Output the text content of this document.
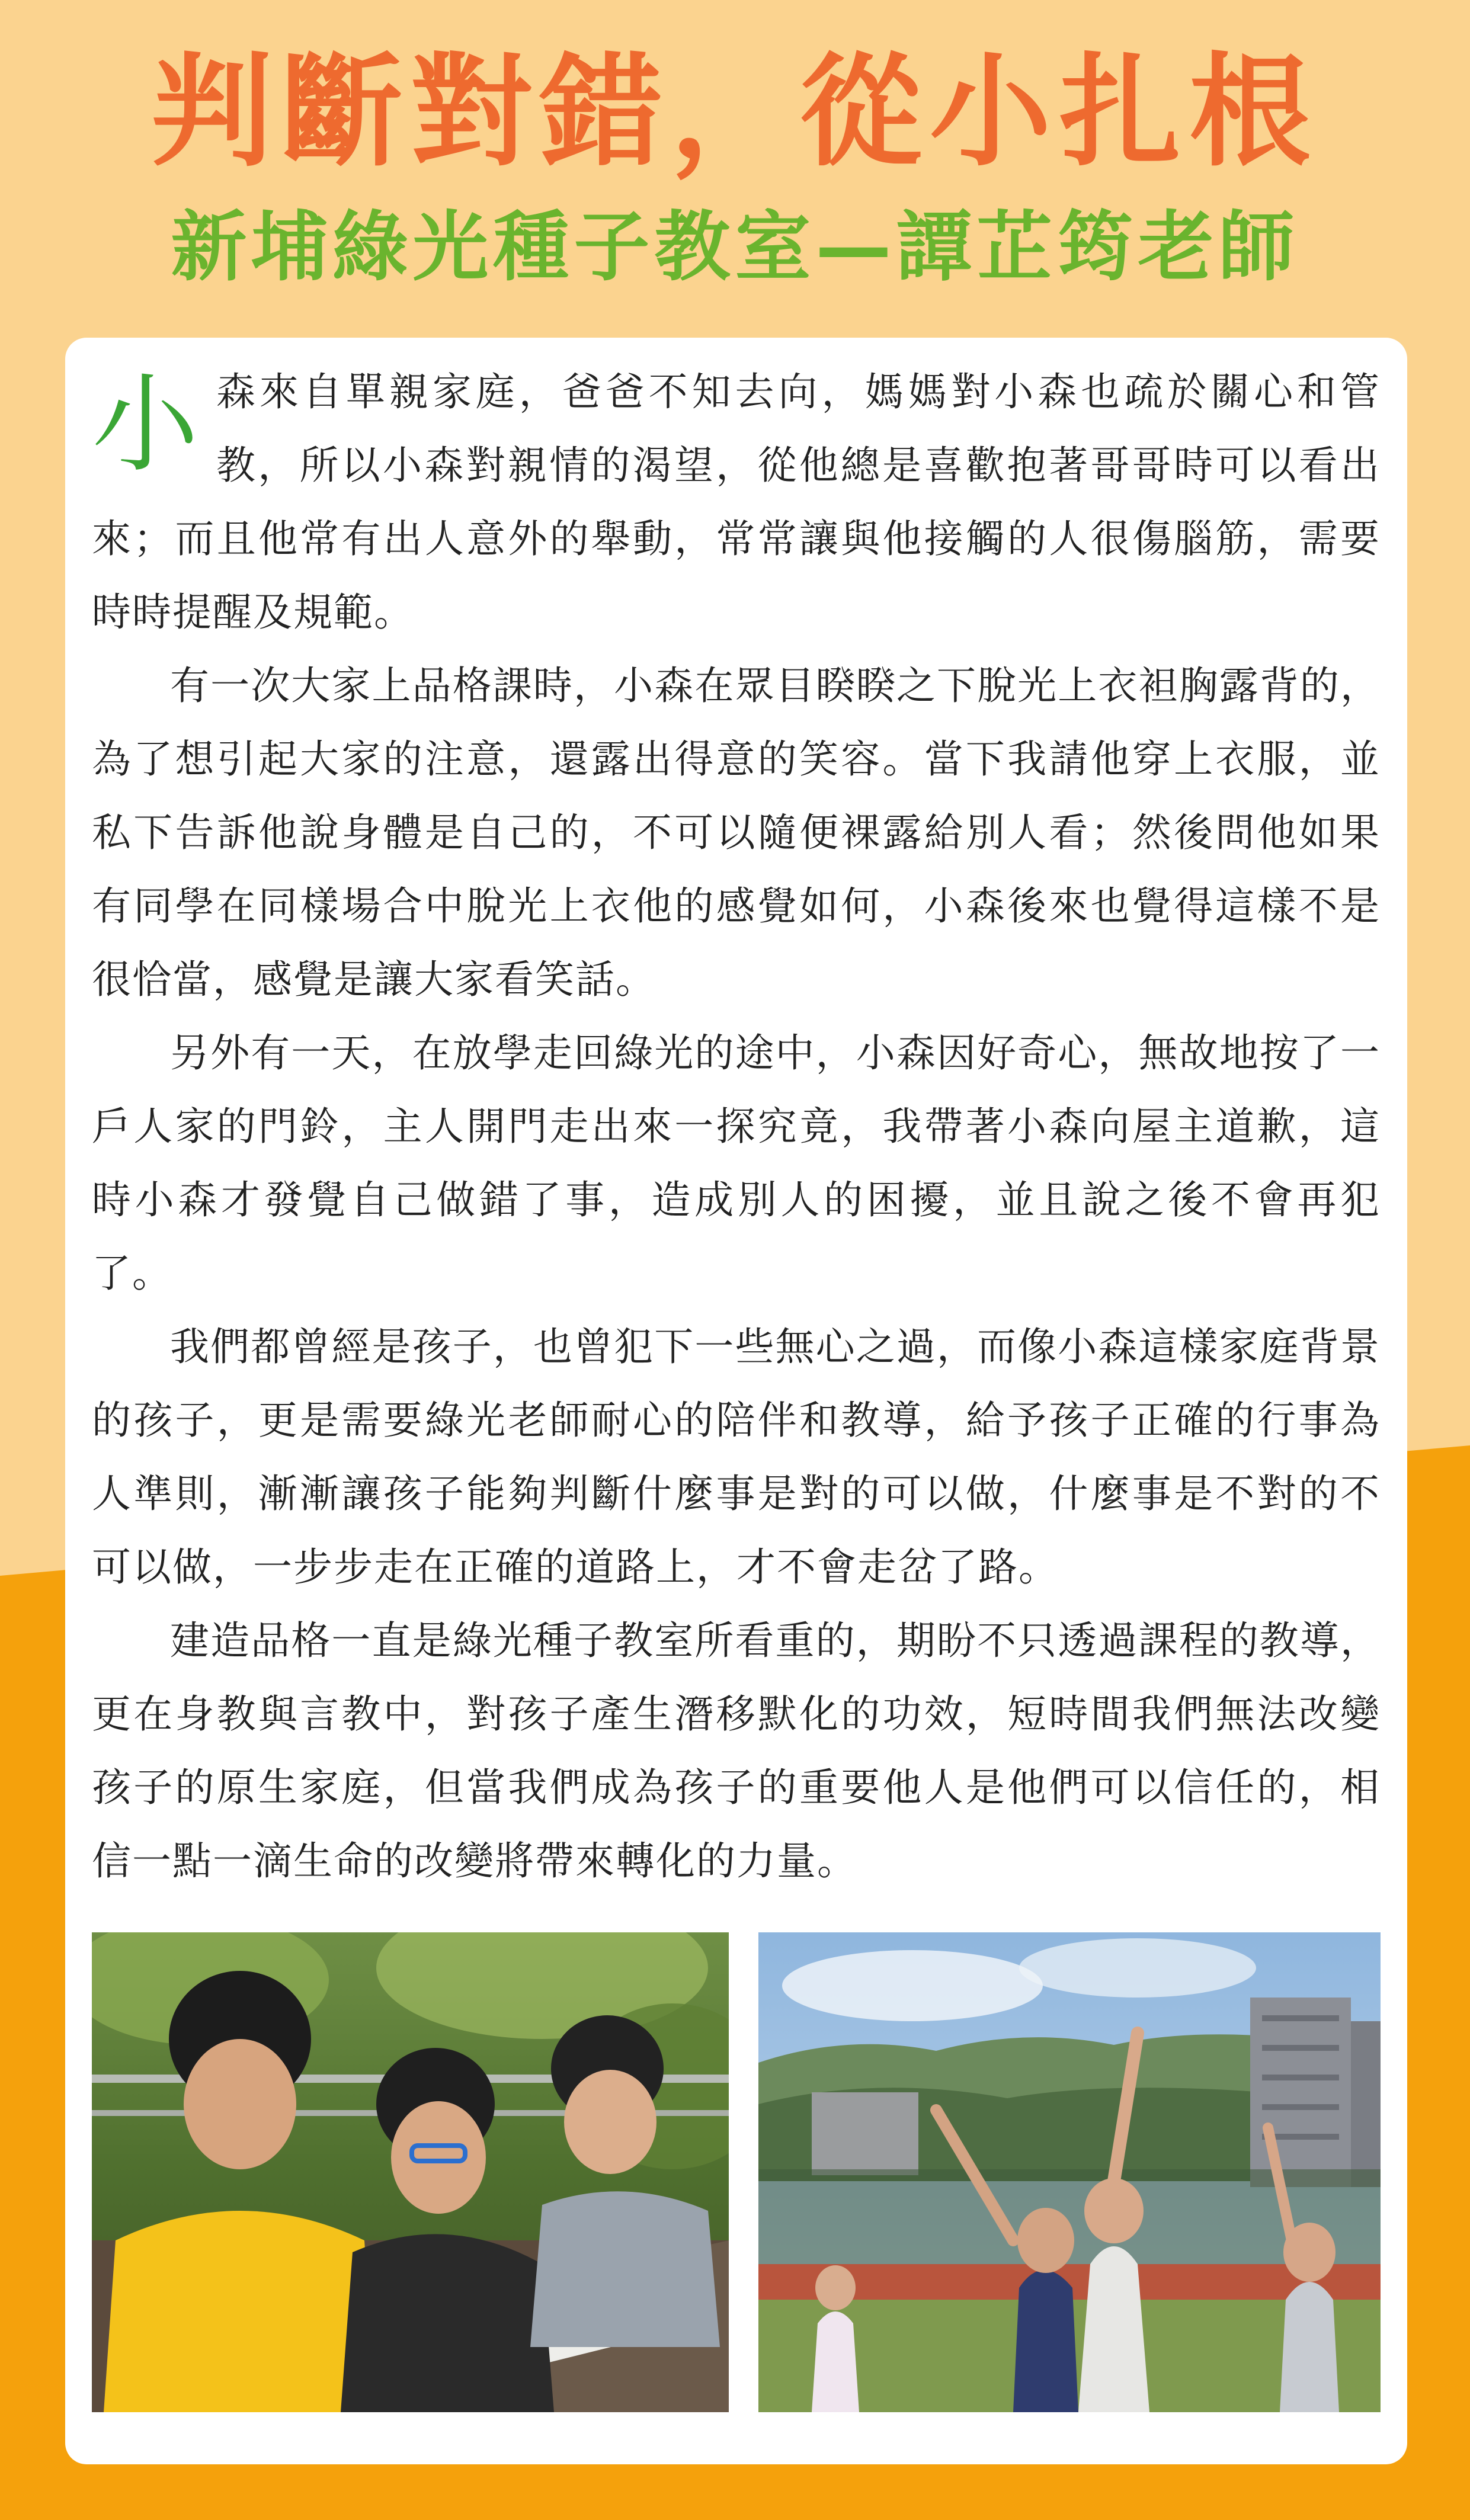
判斷對錯，從小扎根
新埔綠光種子教室—譚芷筠老師

小森來自單親家庭，爸爸不知去向，媽媽對小森也疏於關心和管教，所以小森對親情的渴望，從他總是喜歡抱著哥哥時可以看出來；而且他常有出人意外的舉動，常常讓與他接觸的人很傷腦筋，需要時時提醒及規範。

有一次大家上品格課時，小森在眾目睽睽之下脫光上衣袒胸露背的，為了想引起大家的注意，還露出得意的笑容。當下我請他穿上衣服，並私下告訴他說身體是自己的，不可以隨便裸露給別人看；然後問他如果有同學在同樣場合中脫光上衣他的感覺如何，小森後來也覺得這樣不是很恰當，感覺是讓大家看笑話。

另外有一天，在放學走回綠光的途中，小森因好奇心，無故地按了一戶人家的門鈴，主人開門走出來一探究竟，我帶著小森向屋主道歉，這時小森才發覺自己做錯了事，造成別人的困擾，並且說之後不會再犯了。

我們都曾經是孩子，也曾犯下一些無心之過，而像小森這樣家庭背景的孩子，更是需要綠光老師耐心的陪伴和教導，給予孩子正確的行事為人準則，漸漸讓孩子能夠判斷什麼事是對的可以做，什麼事是不對的不可以做，一步步走在正確的道路上，才不會走岔了路。

建造品格一直是綠光種子教室所看重的，期盼不只透過課程的教導，更在身教與言教中，對孩子產生潛移默化的功效，短時間我們無法改變孩子的原生家庭，但當我們成為孩子的重要他人是他們可以信任的，相信一點一滴生命的改變將帶來轉化的力量。
